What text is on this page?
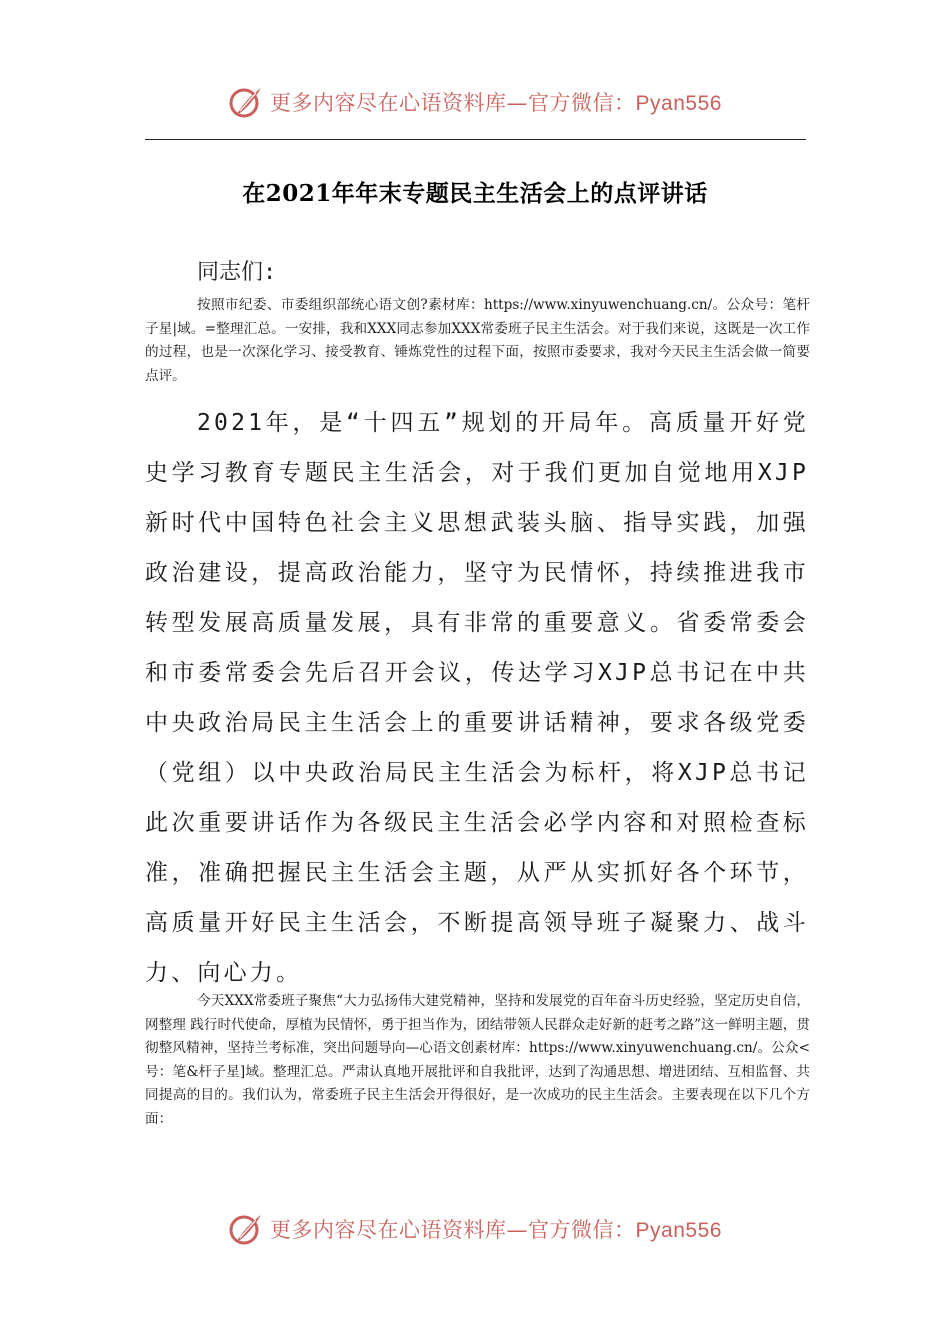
更多内容尽在心语资料库—官方微信：Pyan556
在2021年年末专题民主生活会上的点评讲话
同志们:
按照市纪委、市委组织部统心语文创?素材库：https://www.xinyuwenchuang.cn/。公众号：笔杆子星|域。=整理汇总。一安排，我和XXX同志参加XXX常委班子民主生活会。对于我们来说，这既是一次工作的过程，也是一次深化学习、接受教育、锤炼党性的过程下面，按照市委要求，我对今天民主生活会做一简要点评。
2021年，是“十四五”规划的开局年。高质量开好党史学习教育专题民主生活会，对于我们更加自觉地用XJP新时代中国特色社会主义思想武装头脑、指导实践，加强政治建设，提高政治能力，坚守为民情怀，持续推进我市转型发展高质量发展，具有非常的重要意义。省委常委会和市委常委会先后召开会议，传达学习XJP总书记在中共中央政治局民主生活会上的重要讲话精神，要求各级党委（党组）以中央政治局民主生活会为标杆，将XJP总书记此次重要讲话作为各级民主生活会必学内容和对照检查标准，准确把握民主生活会主题，从严从实抓好各个环节，高质量开好民主生活会，不断提高领导班子凝聚力、战斗力、向心力。
今天XXX常委班子聚焦“大力弘扬伟大建党精神，坚持和发展党的百年奋斗历史经验，坚定历史自信， 网整理 践行时代使命，厚植为民情怀，勇于担当作为，团结带领人民群众走好新的赶考之路”这一鲜明主题，贯彻整风精神，坚持兰考标准，突出问题导向—心语文创素材库：https://www.xinyuwenchuang.cn/。公众<号：笔&杆子星]域。整理汇总。严肃认真地开展批评和自我批评，达到了沟通思想、增进团结、互相监督、共同提高的目的。我们认为，常委班子民主生活会开得很好，是一次成功的民主生活会。主要表现在以下几个方面：
更多内容尽在心语资料库—官方微信：Pyan556
